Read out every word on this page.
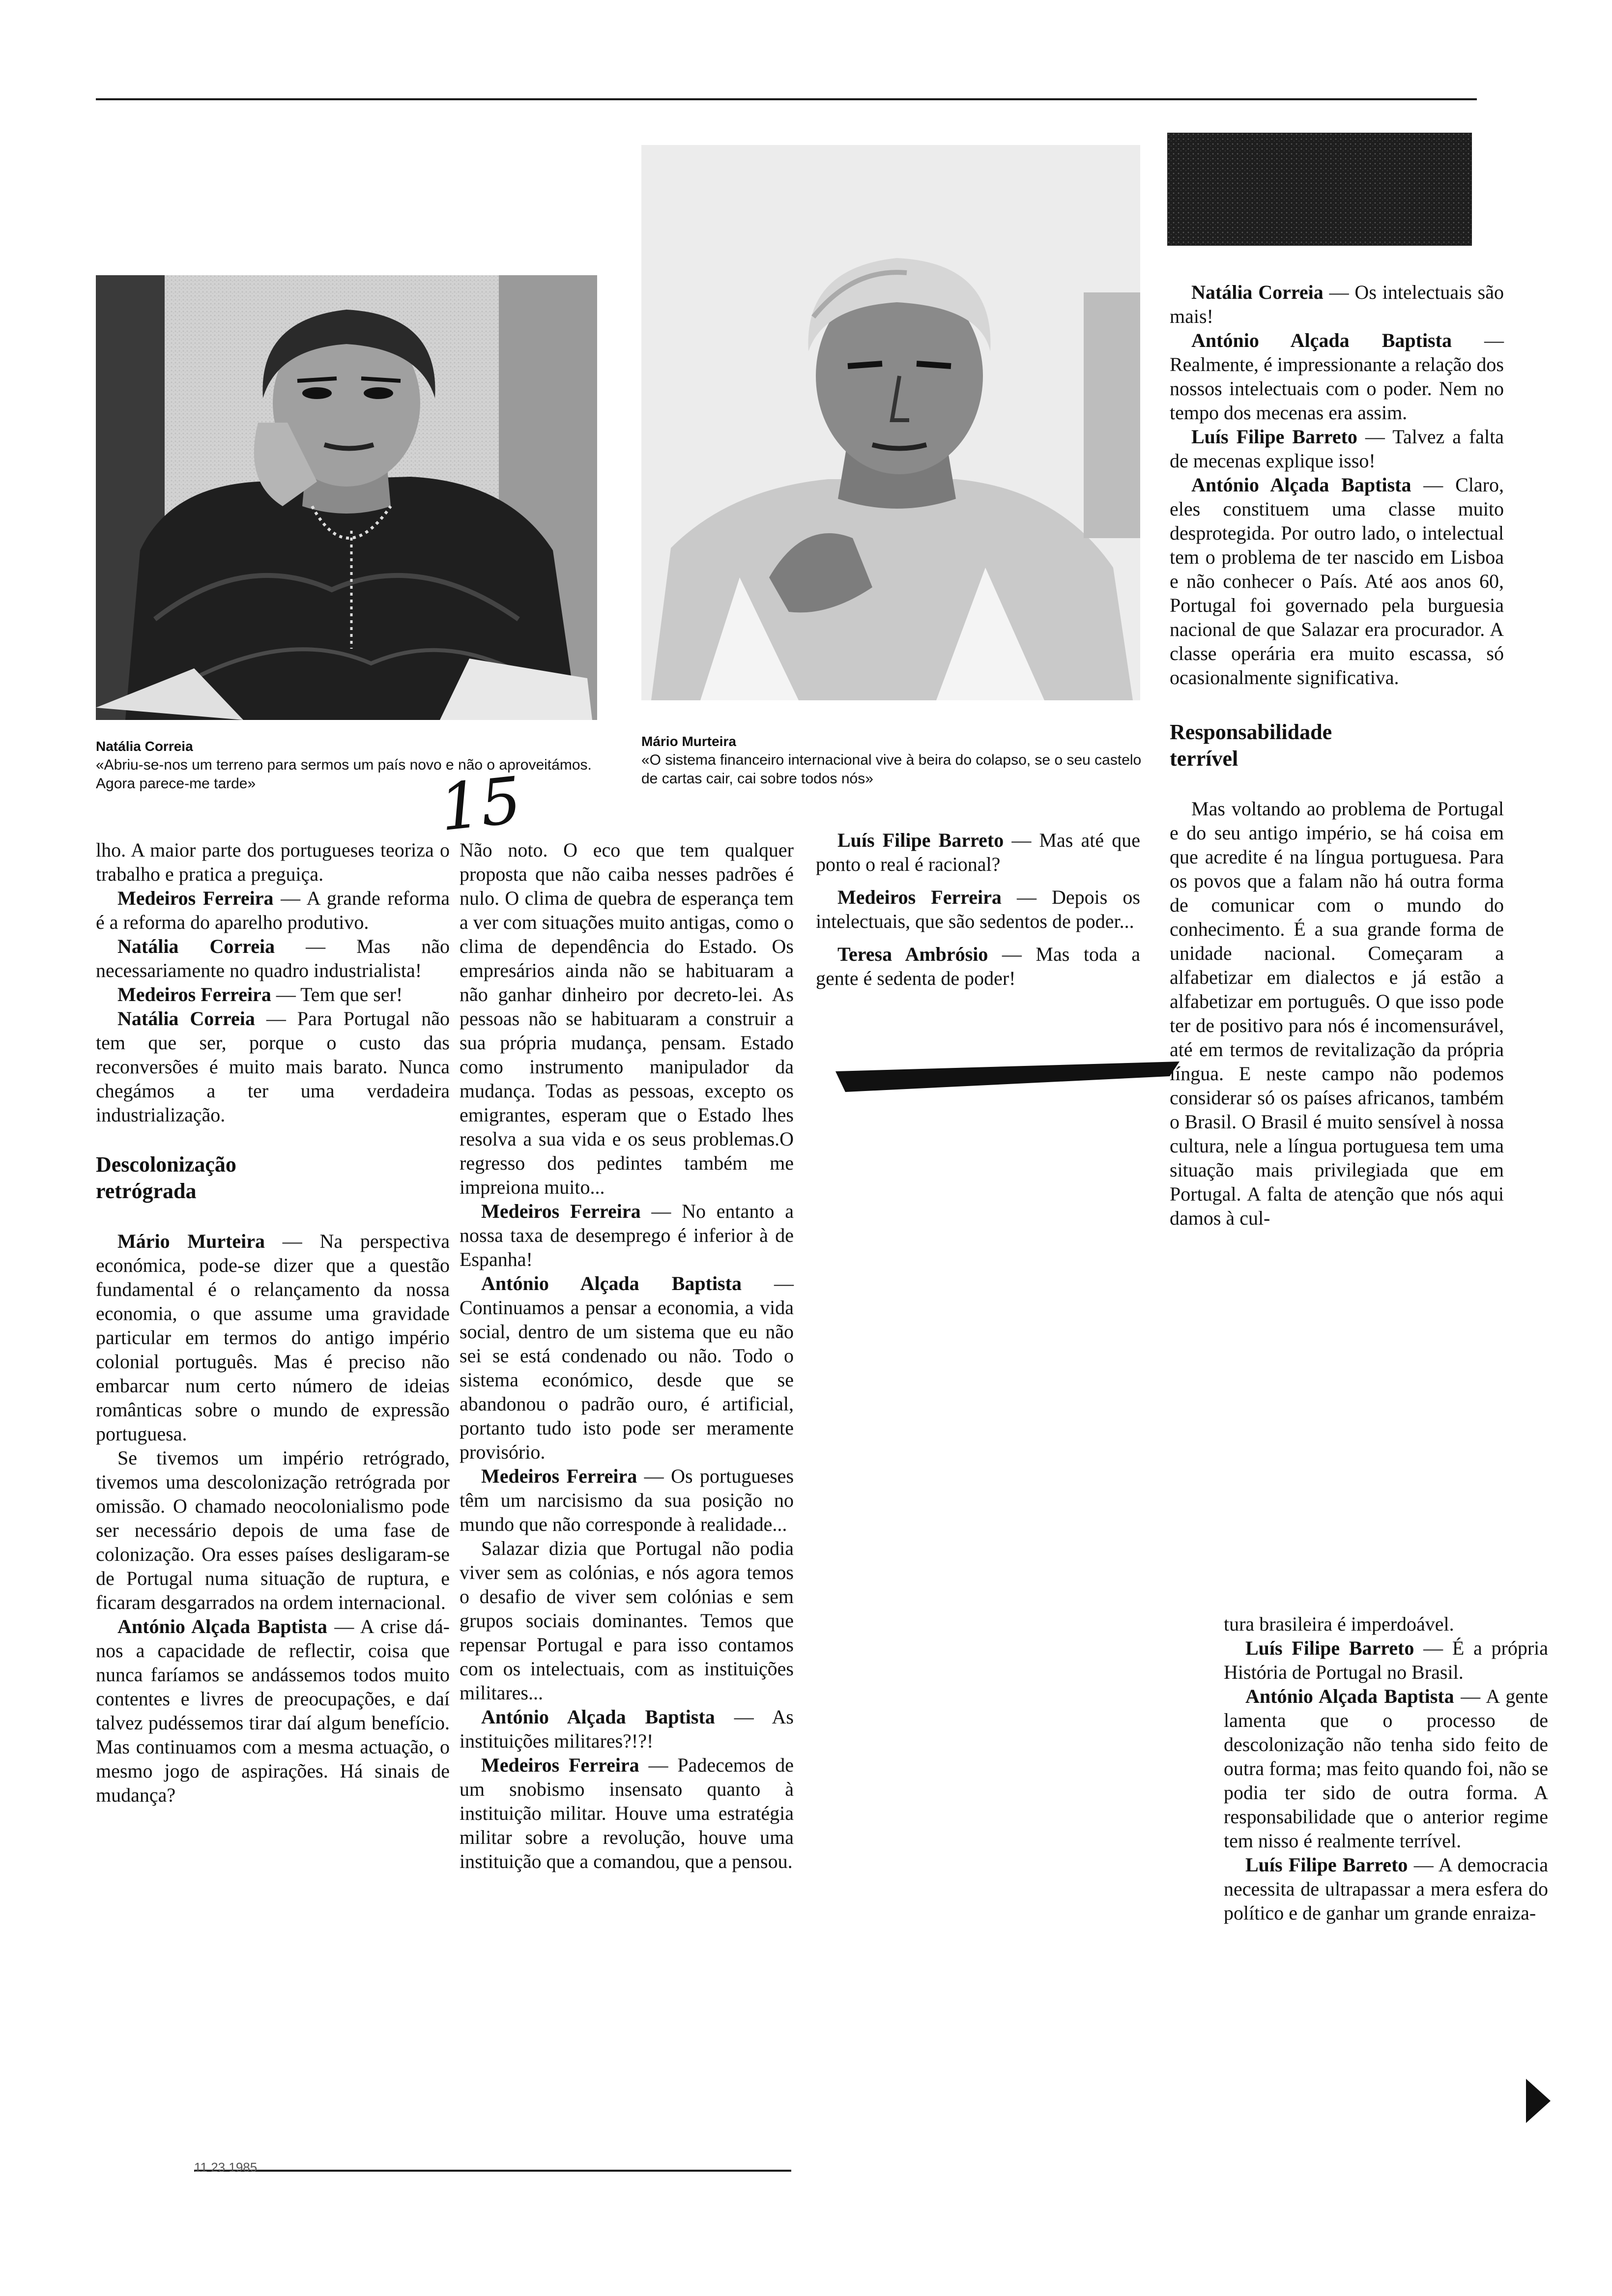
Natália Correia
«Abriu-se-nos um terreno para sermos um país novo e não o aproveitámos. Agora parece-me tarde»
Mário Murteira
«O sistema financeiro internacional vive à beira do colapso, se o seu castelo de cartas cair, cai sobre todos nós»
15

lho. A maior parte dos portugueses teoriza o trabalho e pratica a preguiça.

Medeiros Ferreira — A grande reforma é a reforma do aparelho produtivo.

Natália Correia — Mas não necessariamente no quadro industrialista!

Medeiros Ferreira — Tem que ser!

Natália Correia — Para Portugal não tem que ser, porque o custo das reconversões é muito mais barato. Nunca chegámos a ter uma verdadeira industrialização.

Descolonização retrógrada

Mário Murteira — Na perspectiva económica, pode-se dizer que a questão fundamental é o relançamento da nossa economia, o que assume uma gravidade particular em termos do antigo império colonial português. Mas é preciso não embarcar num certo número de ideias românticas sobre o mundo de expressão portuguesa.

Se tivemos um império retrógrado, tivemos uma descolonização retrógrada por omissão. O chamado neocolonialismo pode ser necessário depois de uma fase de colonização. Ora esses países desligaram-se de Portugal numa situação de ruptura, e ficaram desgarrados na ordem internacional.

António Alçada Baptista — A crise dá-nos a capacidade de reflectir, coisa que nunca faríamos se andássemos todos muito contentes e livres de preocupações, e daí talvez pudéssemos tirar daí algum benefício. Mas continuamos com a mesma actuação, o mesmo jogo de aspirações. Há sinais de mudança?

Não noto. O eco que tem qualquer proposta que não caiba nesses padrões é nulo. O clima de quebra de esperança tem a ver com situações muito antigas, como o clima de dependência do Estado. Os empresários ainda não se habituaram a não ganhar dinheiro por decreto-lei. As pessoas não se habituaram a construir a sua própria mudança, pensam. Estado como instrumento manipulador da mudança. Todas as pessoas, excepto os emigrantes, esperam que o Estado lhes resolva a sua vida e os seus problemas.O regresso dos pedintes também me impreiona muito...

Medeiros Ferreira — No entanto a nossa taxa de desemprego é inferior à de Espanha!

António Alçada Baptista — Continuamos a pensar a economia, a vida social, dentro de um sistema que eu não sei se está condenado ou não. Todo o sistema económico, desde que se abandonou o padrão ouro, é artificial, portanto tudo isto pode ser meramente provisório.

Medeiros Ferreira — Os portugueses têm um narcisismo da sua posição no mundo que não corresponde à realidade...

Salazar dizia que Portugal não podia viver sem as colónias, e nós agora temos o desafio de viver sem colónias e sem grupos sociais dominantes. Temos que repensar Portugal e para isso contamos com os intelectuais, com as instituições militares...

António Alçada Baptista — As instituições militares?!?!

Medeiros Ferreira — Padecemos de um snobismo insensato quanto à instituição militar. Houve uma estratégia militar sobre a revolução, houve uma instituição que a comandou, que a pensou.

Luís Filipe Barreto — Mas até que ponto o real é racional?

Medeiros Ferreira — Depois os intelectuais, que são sedentos de poder...

Teresa Ambrósio — Mas toda a gente é sedenta de poder!

Natália Correia — Os intelectuais são mais!

António Alçada Baptista — Realmente, é impressionante a relação dos nossos intelectuais com o poder. Nem no tempo dos mecenas era assim.

Luís Filipe Barreto — Talvez a falta de mecenas explique isso!

António Alçada Baptista — Claro, eles constituem uma classe muito desprotegida. Por outro lado, o intelectual tem o problema de ter nascido em Lisboa e não conhecer o País. Até aos anos 60, Portugal foi governado pela burguesia nacional de que Salazar era procurador. A classe operária era muito escassa, só ocasionalmente significativa.

Responsabilidade terrível

Mas voltando ao problema de Portugal e do seu antigo império, se há coisa em que acredite é na língua portuguesa. Para os povos que a falam não há outra forma de comunicar com o mundo do conhecimento. É a sua grande forma de unidade nacional. Começaram a alfabetizar em dialectos e já estão a alfabetizar em português. O que isso pode ter de positivo para nós é incomensurável, até em termos de revitalização da própria língua. E neste campo não podemos considerar só os países africanos, também o Brasil. O Brasil é muito sensível à nossa cultura, nele a língua portuguesa tem uma situação mais privilegiada que em Portugal. A falta de atenção que nós aqui damos à cul-

tura brasileira é imperdoável.

Luís Filipe Barreto — É a própria História de Portugal no Brasil.

António Alçada Baptista — A gente lamenta que o processo de descolonização não tenha sido feito de outra forma; mas feito quando foi, não se podia ter sido de outra forma. A responsabilidade que o anterior regime tem nisso é realmente terrível.

Luís Filipe Barreto — A democracia necessita de ultrapassar a mera esfera do político e de ganhar um grande enraiza-

11 23 1985
